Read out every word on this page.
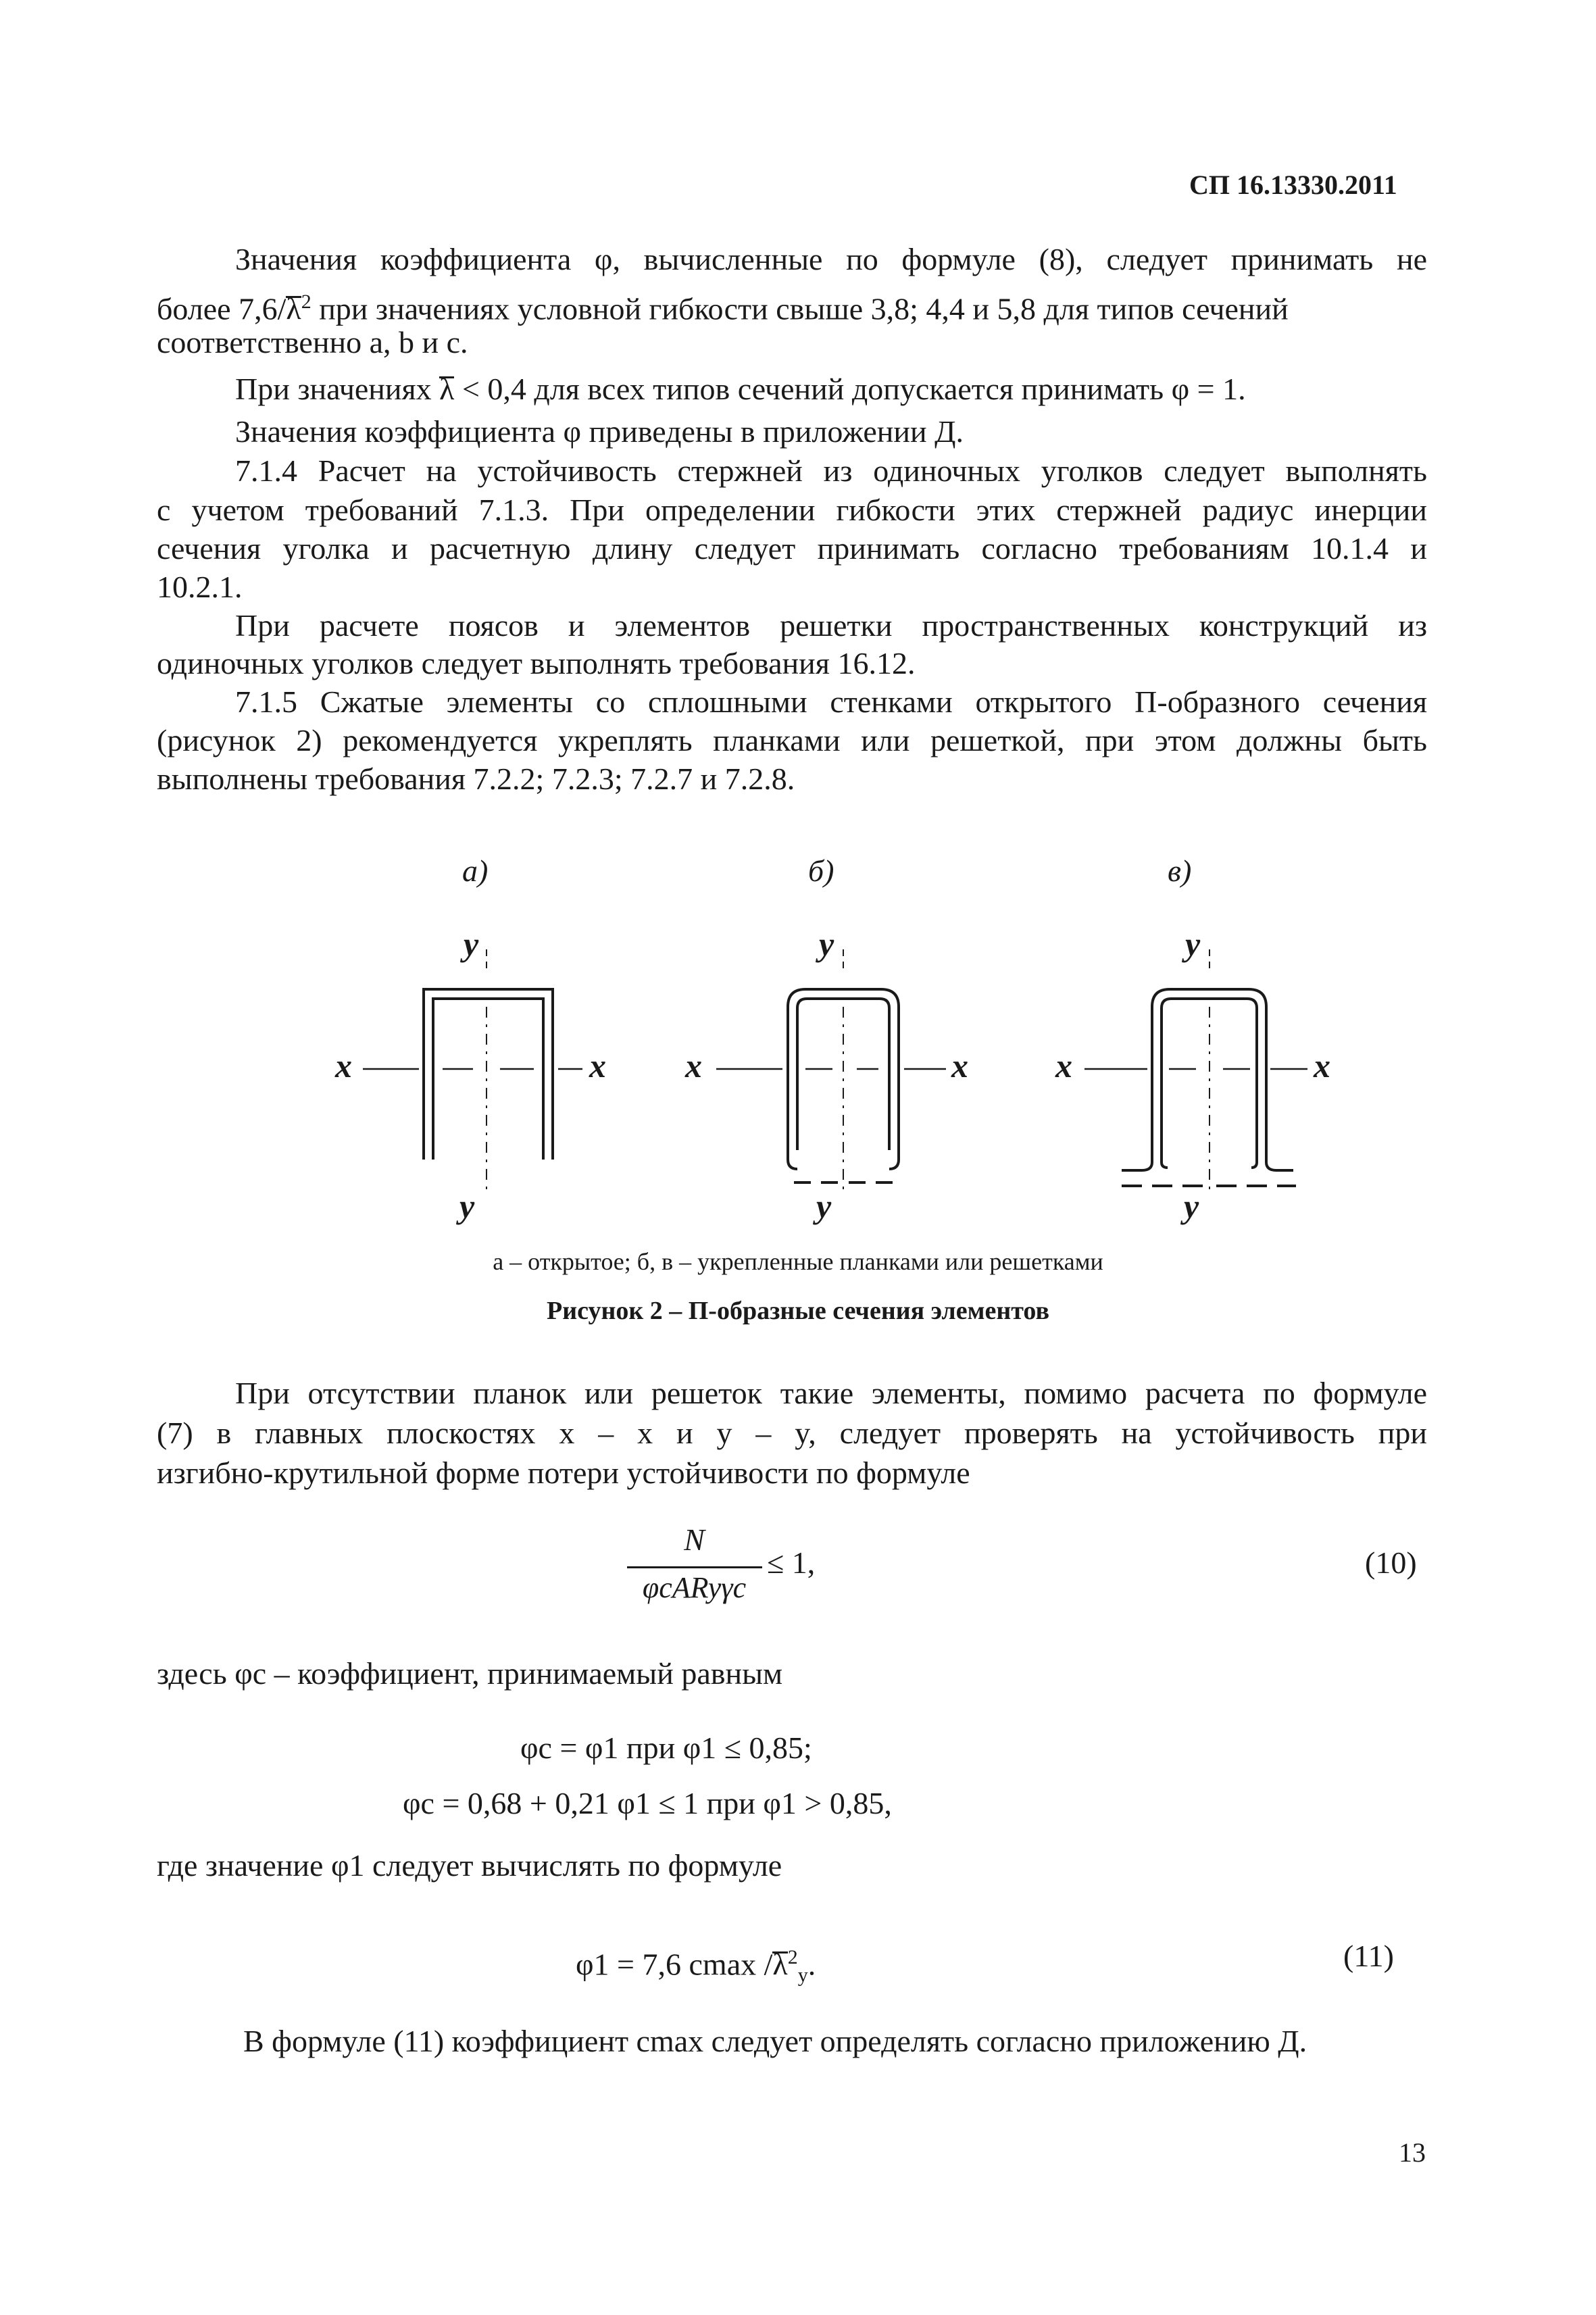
СП 16.13330.2011
Значения коэффициента φ, вычисленные по формуле (8), следует принимать не
более $7,6/\lambda^2$ при значениях условной гибкости свыше 3,8; 4,4 и 5,8 для типов сечений
соответственно a, b и c.
При значениях λ < 0,4 для всех типов сечений допускается принимать φ = 1.
Значения коэффициента φ приведены в приложении Д.
7.1.4 Расчет на устойчивость стержней из одиночных уголков следует выполнять
с учетом требований 7.1.3. При определении гибкости этих стержней радиус инерции
сечения уголка и расчетную длину следует принимать согласно требованиям 10.1.4 и
10.2.1.
При расчете поясов и элементов решетки пространственных конструкций из
одиночных уголков следует выполнять требования 16.12.
7.1.5 Сжатые элементы со сплошными стенками открытого П-образного сечения
(рисунок 2) рекомендуется укреплять планками или решеткой, при этом должны быть
выполнены требования 7.2.2; 7.2.3; 7.2.7 и 7.2.8.
a)	б)	в)
y
y
x	x
y
y
x	x
y
y
x	x
а – открытое; б, в – укрепленные планками или решетками
Рисунок 2 – П-образные сечения элементов
При отсутствии планок или решеток такие элементы, помимо расчета по формуле
(7) в главных плоскостях x – x и y – y, следует проверять на устойчивость при
изгибно-крутильной форме потери устойчивости по формуле
N
φcARyγc
≤ 1,	(10)
здесь φc – коэффициент, принимаемый равным
φc = φ1 при φ1 ≤ 0,85;
φc = 0,68 + 0,21 φ1 ≤ 1 при φ1 > 0,85,
где значение φ1 следует вычислять по формуле
φ1 = 7,6 cmax $/\lambda^2_y$.	(11)
В формуле (11) коэффициент cmax следует определять согласно приложению Д.
13
